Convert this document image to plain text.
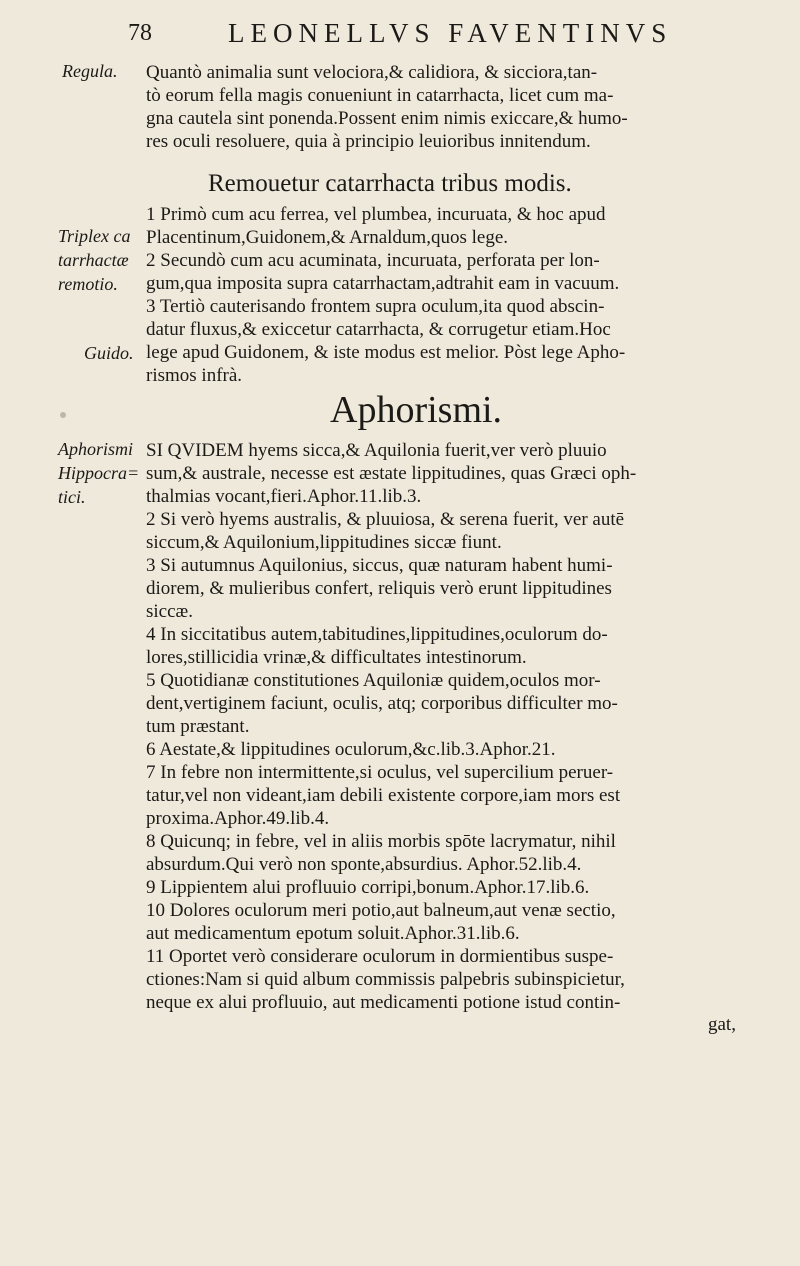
78	LEONELLVS FAVENTINVS
Regula.
Triplex ca
tarrhactæ
remotio.
Guido.
Aphorismi
Hippocra=
tici.
Quantò animalia sunt velociora,& calidiora, & sicciora,tan-
tò eorum fella magis conueniunt in catarrhacta, licet cum ma-
gna cautela sint ponenda.Possent enim nimis exiccare,& humo-
res oculi resoluere, quia à principio leuioribus innitendum.
Remouetur catarrhacta tribus modis.
1 Primò cum acu ferrea, vel plumbea, incuruata, & hoc apud
Placentinum,Guidonem,& Arnaldum,quos lege.
2 Secundò cum acu acuminata, incuruata, perforata per lon-
gum,qua imposita supra catarrhactam,adtrahit eam in vacuum.
3 Tertiò cauterisando frontem supra oculum,ita quod abscin-
datur fluxus,& exiccetur catarrhacta, & corrugetur etiam.Hoc
lege apud Guidonem, & iste modus est melior. Pòst lege Apho-
rismos infrà.
Aphorismi.
SI QVIDEM hyems sicca,& Aquilonia fuerit,ver verò pluuio
sum,& australe, necesse est æstate lippitudines, quas Græci oph-
thalmias vocant,fieri.Aphor.11.lib.3.
2 Si verò hyems australis, & pluuiosa, & serena fuerit, ver autē
siccum,& Aquilonium,lippitudines siccæ fiunt.
3 Si autumnus Aquilonius, siccus, quæ naturam habent humi-
diorem, & mulieribus confert, reliquis verò erunt lippitudines
siccæ.
4 In siccitatibus autem,tabitudines,lippitudines,oculorum do-
lores,stillicidia vrinæ,& difficultates intestinorum.
5 Quotidianæ constitutiones Aquiloniæ quidem,oculos mor-
dent,vertiginem faciunt, oculis, atq; corporibus difficulter mo-
tum præstant.
6 Aestate,& lippitudines oculorum,&c.lib.3.Aphor.21.
7 In febre non intermittente,si oculus, vel supercilium peruer-
tatur,vel non videant,iam debili existente corpore,iam mors est
proxima.Aphor.49.lib.4.
8 Quicunq; in febre, vel in aliis morbis spōte lacrymatur, nihil
absurdum.Qui verò non sponte,absurdius. Aphor.52.lib.4.
9 Lippientem alui profluuio corripi,bonum.Aphor.17.lib.6.
10 Dolores oculorum meri potio,aut balneum,aut venæ sectio,
aut medicamentum epotum soluit.Aphor.31.lib.6.
11 Oportet verò considerare oculorum in dormientibus suspe-
ctiones:Nam si quid album commissis palpebris subinspicietur,
neque ex alui profluuio, aut medicamenti potione istud contin-
gat,
